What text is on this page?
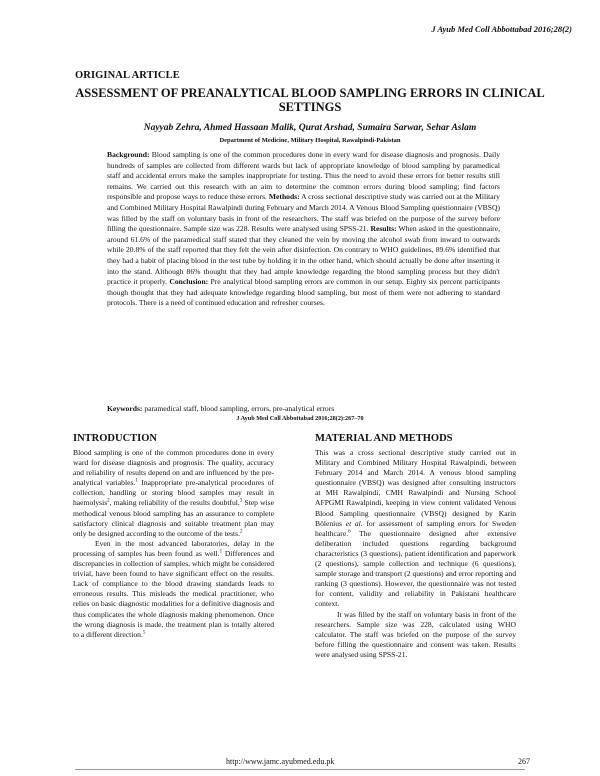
J Ayub Med Coll Abbottabad 2016;28(2)
ORIGINAL ARTICLE
ASSESSMENT OF PREANALYTICAL BLOOD SAMPLING ERRORS IN CLINICAL SETTINGS
Nayyab Zehra, Ahmed Hassaan Malik, Qurat Arshad, Sumaira Sarwar, Sehar Aslam
Department of Medicine, Military Hospital, Rawalpindi-Pakistan
Background: Blood sampling is one of the common procedures done in every ward for disease diagnosis and prognosis. Daily hundreds of samples are collected from different wards but lack of appropriate knowledge of blood sampling by paramedical staff and accidental errors make the samples inappropriate for testing. Thus the need to avoid these errors for better results still remains. We carried out this research with an aim to determine the common errors during blood sampling; find factors responsible and propose ways to reduce these errors. Methods: A cross sectional descriptive study was carried out at the Military and Combined Military Hospital Rawalpindi during February and March 2014. A Venous Blood Sampling questionnaire (VBSQ) was filled by the staff on voluntary basis in front of the researchers. The staff was briefed on the purpose of the survey before filling the questionnaire. Sample size was 228. Results were analysed using SPSS-21. Results: When asked in the questionnaire, around 61.6% of the paramedical staff stated that they cleaned the vein by moving the alcohol swab from inward to outwards while 20.8% of the staff reported that they felt the vein after disinfection. On contrary to WHO guidelines, 89.6% identified that they had a habit of placing blood in the test tube by holding it in the other hand, which should actually be done after inserting it into the stand. Although 86% thought that they had ample knowledge regarding the blood sampling process but they didn't practice it properly. Conclusion: Pre analytical blood sampling errors are common in our setup. Eighty six percent participants though thought that they had adequate knowledge regarding blood sampling, but most of them were not adhering to standard protocols. There is a need of continued education and refresher courses.
Keywords: paramedical staff, blood sampling, errors, pre-analytical errors
J Ayub Med Coll Abbottabad 2016;28(2):267–70
INTRODUCTION

Blood sampling is one of the common procedures done in every ward for disease diagnosis and prognosis. The quality, accuracy and reliability of results depend on and are influenced by the pre-analytical variables.$^1$ Inappropriate pre-analytical procedures of collection, handling or storing blood samples may result in haemolysis$^2$, making reliability of the results doubtful.$^3$ Step wise methodical venous blood sampling has an assurance to complete satisfactory clinical diagnosis and suitable treatment plan may only be designed according to the outcome of the tests.$^2$

Even in the most advanced laboratories, delay in the processing of samples has been found as well.$^1$ Differences and discrepancies in collection of samples, which might be considered trivial, have been found to have significant effect on the results. Lack of compliance to the blood drawing standards leads to erroneous results. This misleads the medical practitioner, who relies on basic diagnostic modalities for a definitive diagnosis and thus complicates the whole diagnosis making phenomenon. Once the wrong diagnosis is made, the treatment plan is totally altered to a different direction.$^5$

MATERIAL AND METHODS

This was a cross sectional descriptive study carried out in Military and Combined Military Hospital Rawalpindi, between February 2014 and March 2014. A venous blood sampling questionnaire (VBSQ) was designed after consulting instructors at MH Rawalpindi, CMH Rawalpindi and Nursing School AFPGMI Rawalpindi, keeping in view content validated Venous Blood Sampling questionnaire (VBSQ) designed by Karin Bölenius et al. for assessment of sampling errors for Sweden healthcare.$^6$ The questionnaire designed after extensive deliberation included questions regarding background characteristics (3 questions), patient identification and paperwork (2 questions), sample collection and technique (6 questions), sample storage and transport (2 questions) and error reporting and ranking (3 questions). However, the questionnaire was not tested for content, validity and reliability in Pakistani healthcare context.

It was filled by the staff on voluntary basis in front of the researchers. Sample size was 228, calculated using WHO calculator. The staff was briefed on the purpose of the survey before filling the questionnaire and consent was taken. Results were analysed using SPSS-21.

http://www.jamc.ayubmed.edu.pk	267
